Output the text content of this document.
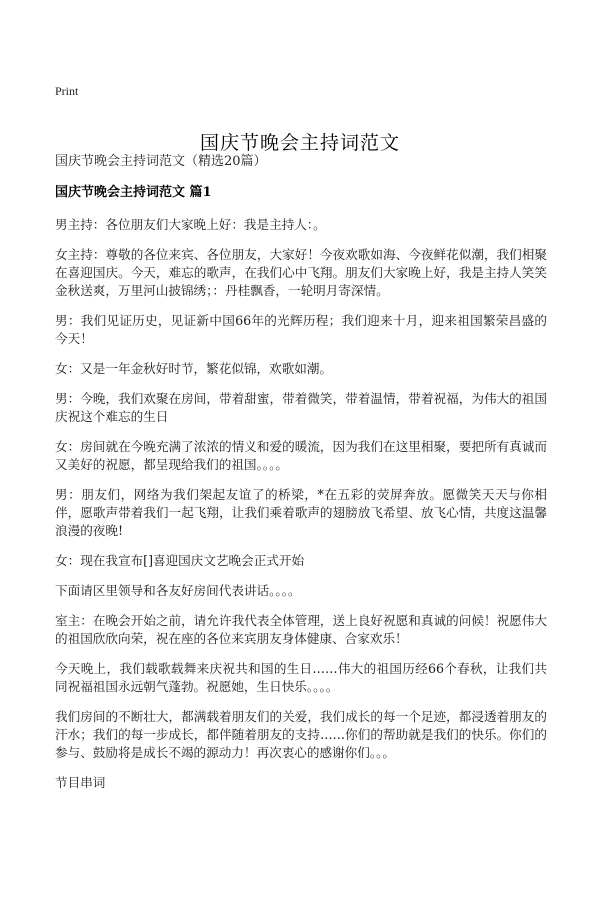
Print
国庆节晚会主持词范文
国庆节晚会主持词范文（精选20篇）
国庆节晚会主持词范文 篇1

男主持：各位朋友们大家晚上好：我是主持人：。

女主持：尊敬的各位来宾、各位朋友，大家好！今夜欢歌如海、今夜鲜花似潮，我们相聚在喜迎国庆。今天，难忘的歌声，在我们心中飞翔。朋友们大家晚上好，我是主持人笑笑金秋送爽，万里河山披锦绣；：丹桂飘香，一轮明月寄深情。

男：我们见证历史，见证新中国66年的光辉历程；我们迎来十月，迎来祖国繁荣昌盛的今天！

女：又是一年金秋好时节，繁花似锦，欢歌如潮。

男：今晚，我们欢聚在房间，带着甜蜜，带着微笑，带着温情，带着祝福，为伟大的祖国庆祝这个难忘的生日

女：房间就在今晚充满了浓浓的情义和爱的暖流，因为我们在这里相聚，要把所有真诚而又美好的祝愿，都呈现给我们的祖国。。。。

男：朋友们，网络为我们架起友谊了的桥梁，*在五彩的荧屏奔放。愿微笑天天与你相伴，愿歌声带着我们一起飞翔，让我们乘着歌声的翅膀放飞希望、放飞心情，共度这温馨浪漫的夜晚!

女：现在我宣布[]喜迎国庆文艺晚会正式开始

下面请区里领导和各友好房间代表讲话。。。。

室主：在晚会开始之前，请允许我代表全体管理，送上良好祝愿和真诚的问候！祝愿伟大的祖国欣欣向荣，祝在座的各位来宾朋友身体健康、合家欢乐！

今天晚上，我们载歌载舞来庆祝共和国的生日……伟大的祖国历经66个春秋，让我们共同祝福祖国永远朝气蓬勃。祝愿她，生日快乐。。。。

我们房间的不断壮大，都满载着朋友们的关爱，我们成长的每一个足迹，都浸透着朋友的汗水；我们的每一步成长，都伴随着朋友的支持……你们的帮助就是我们的快乐。你们的参与、鼓励将是成长不竭的源动力！再次衷心的感谢你们。。。

节目串词
